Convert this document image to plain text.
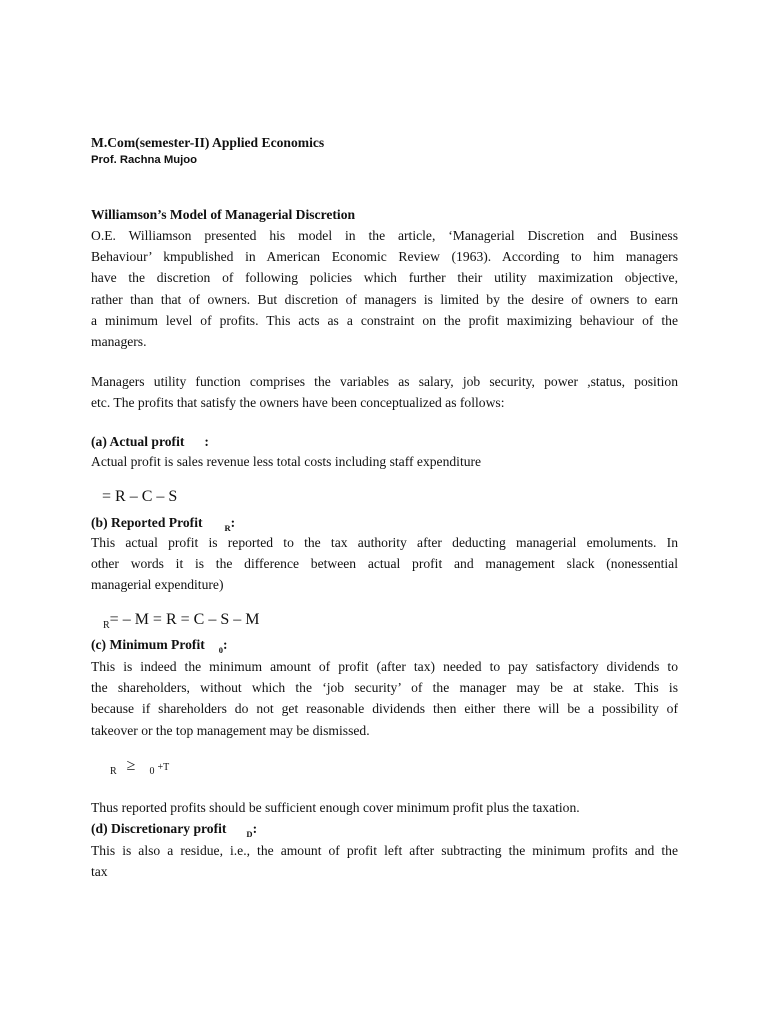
M.Com(semester-II) Applied Economics
Prof. Rachna Mujoo
Williamson’s Model of Managerial Discretion
O.E. Williamson presented his model in the article, ‘Managerial Discretion and Business
Behaviour’ kmpublished in American Economic Review (1963). According to him managers
have the discretion of following policies which further their utility maximization objective,
rather than that of owners. But discretion of managers is limited by the desire of owners to earn
a minimum level of profits. This acts as a constraint on the profit maximizing behaviour of the
managers.
Managers utility function comprises the variables as salary, job security, power ,status, position
etc. The profits that satisfy the owners have been conceptualized as follows:
(a) Actual profit :
Actual profit is sales revenue less total costs including staff expenditure
= R – C – S
(b) Reported Profit	$_R$:
This actual profit is reported to the tax authority after deducting managerial emoluments. In
other words it is the difference between actual profit and management slack (nonessential
managerial expenditure)
$_R$= – M = R = C – S – M
(c) Minimum Profit $_0$:
This is indeed the minimum amount of profit (after tax) needed to pay satisfactory dividends to
the shareholders, without which the ‘job security’ of the manager may be at stake. This is
because if shareholders do not get reasonable dividends then either there will be a possibility of
takeover or the top management may be dismissed.
$_R$ ≥ $_0$ +T
Thus reported profits should be sufficient enough cover minimum profit plus the taxation.
(d) Discretionary profit $_D$:
This is also a residue, i.e., the amount of profit left after subtracting the minimum profits and the
tax
